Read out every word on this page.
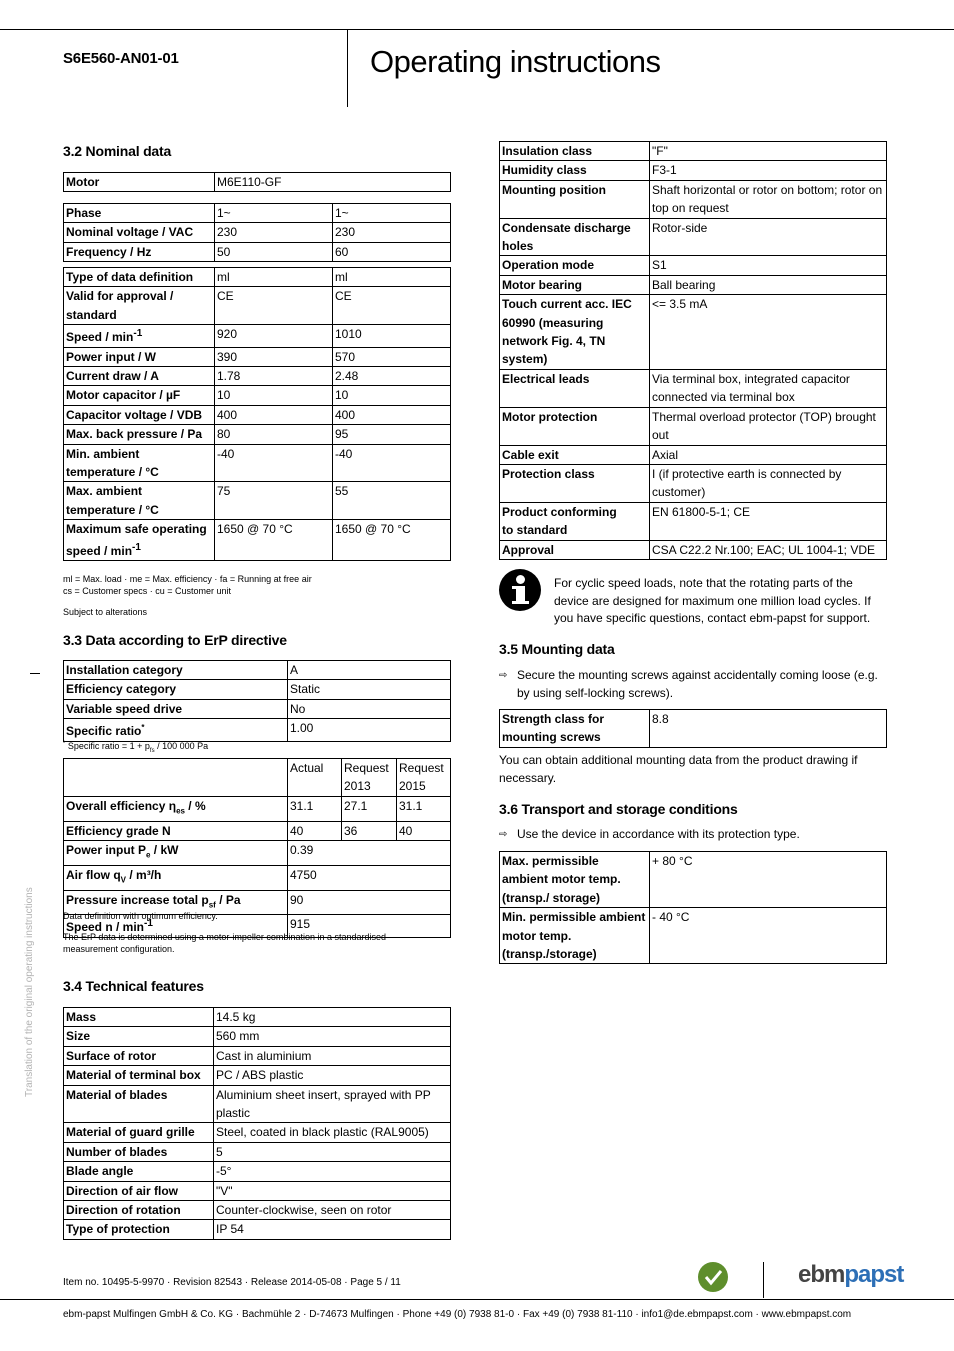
S6E560-AN01-01	Operating instructions
Translation of the original operating instructions
3.2 Nominal data
Motor	M6E110-GF
Phase	1~	1~
Nominal voltage / VAC	230	230
Frequency / Hz	50	60
Type of data definition	ml	ml
Valid for approval / standard	CE	CE
Speed / $\min^{-1}$	920	1010
Power input / W	390	570
Current draw / A	1.78	2.48
Motor capacitor / µF	10	10
Capacitor voltage / VDB	400	400
Max. back pressure / Pa	80	95
Min. ambient temperature / °C	-40	-40
Max. ambient temperature / °C	75	55
Maximum safe operating speed / $\min^{-1}$	1650 @ 70 °C	1650 @ 70 °C
ml = Max. load · me = Max. efficiency · fa = Running at free air
cs = Customer specs · cu = Customer unit
Subject to alterations
3.3 Data according to ErP directive
Installation category	A
Efficiency category	Static
Variable speed drive	No
Specific ratio*	1.00
* Specific ratio = $1 + p_{fs} / 100$ 000 Pa
	Actual	Request 2013	Request 2015
Overall efficiency $\eta_{es}$ / %	31.1	27.1	31.1
Efficiency grade N	40	36	40
Power input $P_e$ / kW	0.39		
Air flow $q_V / m^3/h$	4750		
Pressure increase total $p_{sf}$ / Pa	90		
Speed n / $\min^{-1}$	915		
Data definition with optimum efficiency.
The ErP data is determined using a motor-impeller combination in a standardised measurement configuration.
3.4 Technical features
Mass	14.5 kg
Size	560 mm
Surface of rotor	Cast in aluminium
Material of terminal box	PC / ABS plastic
Material of blades	Aluminium sheet insert, sprayed with PP plastic
Material of guard grille	Steel, coated in black plastic (RAL9005)
Number of blades	5
Blade angle	-5°
Direction of air flow	"V"
Direction of rotation	Counter-clockwise, seen on rotor
Type of protection	IP 54
Insulation class	"F"
Humidity class	F3-1
Mounting position	Shaft horizontal or rotor on bottom; rotor on top on request
Condensate discharge holes	Rotor-side
Operation mode	S1
Motor bearing	Ball bearing
Touch current acc. IEC 60990 (measuring network Fig. 4, TN system)	<= 3.5 mA
Electrical leads	Via terminal box, integrated capacitor connected via terminal box
Motor protection	Thermal overload protector (TOP) brought out
Cable exit	Axial
Protection class	I (if protective earth is connected by customer)
Product conforming to standard	EN 61800-5-1; CE
Approval	CSA C22.2 Nr.100; EAC; UL 1004-1; VDE
For cyclic speed loads, note that the rotating parts of the device are designed for maximum one million load cycles. If you have specific questions, contact ebm-papst for support.
3.5 Mounting data
⇨ Secure the mounting screws against accidentally coming loose (e.g. by using self-locking screws).
Strength class for mounting screws	8.8
You can obtain additional mounting data from the product drawing if necessary.
3.6 Transport and storage conditions
⇨ Use the device in accordance with its protection type.
Max. permissible ambient motor temp. (transp./ storage)	+ 80 °C
Min. permissible ambient motor temp. (transp./storage)	- 40 °C
Item no. 10495-5-9970 · Revision 82543 · Release 2014-05-08 · Page 5 / 11	ebmpapst
ebm-papst Mulfingen GmbH & Co. KG · Bachmühle 2 · D-74673 Mulfingen · Phone +49 (0) 7938 81-0 · Fax +49 (0) 7938 81-110 · info1@de.ebmpapst.com · www.ebmpapst.com
